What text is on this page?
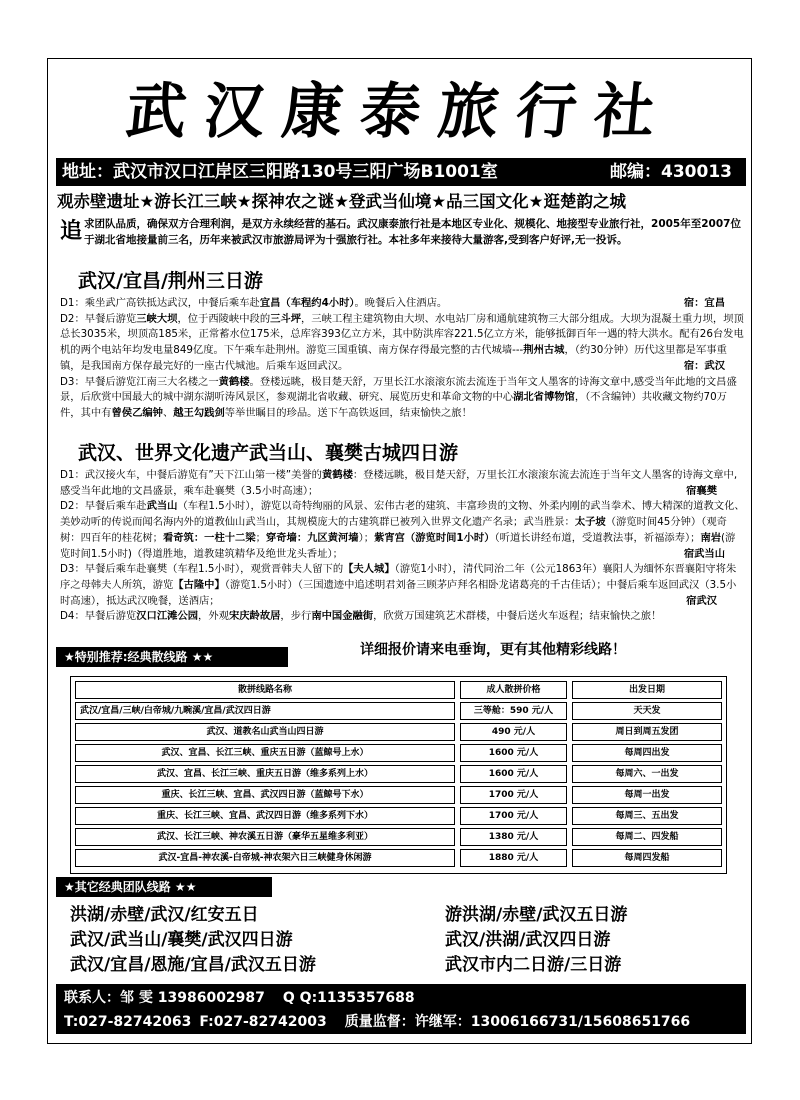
武汉康泰旅行社
地址：武汉市汉口江岸区三阳路130号三阳广场B1001室	邮编：430013
观赤壁遗址★游长江三峡★探神农之谜★登武当仙境★品三国文化★逛楚韵之城
追求团队品质，确保双方合理利润，是双方永续经营的基石。武汉康泰旅行社是本地区专业化、规模化、地接型专业旅行社，2005年至2007位于湖北省地接量前三名，历年来被武汉市旅游局评为十强旅行社。本社多年来接待大量游客,受到客户好评,无一投诉。
武汉/宜昌/荆州三日游
D1：乘坐武广高铁抵达武汉，中餐后乘车赴宜昌（车程约4小时）。晚餐后入住酒店。	宿：宜昌
D2：早餐后游览三峡大坝，位于西陵峡中段的三斗坪，三峡工程主建筑物由大坝、水电站厂房和通航建筑物三大部分组成。大坝为混凝土重力坝，坝顶总长3035米，坝顶高185米，正常蓄水位175米，总库容393亿立方米，其中防洪库容221.5亿立方米，能够抵御百年一遇的特大洪水。配有26台发电机的两个电站年均发电量849亿度。下午乘车赴荆州。游览三国重镇、南方保存得最完整的古代城墙---荆州古城，（约30分钟）历代这里都是军事重镇，是我国南方保存最完好的一座古代城池。后乘车返回武汉。	宿：武汉
D3：早餐后游览江南三大名楼之一黄鹤楼。登楼远眺，极目楚天舒，万里长江水滚滚东流去流连于当年文人墨客的诗海文章中,感受当年此地的文昌盛景，后欣赏中国最大的城中湖东湖听涛风景区，参观湖北省收藏、研究、展览历史和革命文物的中心湖北省博物馆，（不含编钟）共收藏文物约70万件，其中有曾侯乙编钟、越王勾践剑等举世瞩目的珍品。送下午高铁返回，结束愉快之旅！
武汉、世界文化遗产武当山、襄樊古城四日游
D1：武汉接火车，中餐后游览有”天下江山第一楼”美誉的黄鹤楼：登楼远眺，极目楚天舒，万里长江水滚滚东流去流连于当年文人墨客的诗海文章中,感受当年此地的文昌盛景，乘车赴襄樊（3.5小时高速）；	宿襄樊
D2：早餐后乘车赴武当山（车程1.5小时），游览以奇特绚丽的风景、宏伟古老的建筑、丰富珍贵的文物、外柔内刚的武当拳术、博大精深的道教文化、美妙动听的传说而闻名海内外的道教仙山武当山，其规模庞大的古建筑群已被列入世界文化遗产名录；武当胜景：太子坡（游览时间45分钟）（观奇树：四百年的桂花树；看奇筑：一柱十二梁；穿奇墙：九区黄河墙）；紫宵宫（游览时间1小时）（听道长讲经布道，受道教法事，祈福添寿）；南岩(游览时间1.5小时)（得道胜地，道教建筑精华及绝世龙头香址）；	宿武当山
D3：早餐后乘车赴襄樊（车程1.5小时），观赏晋韩夫人留下的【夫人城】（游览1小时），清代同治二年（公元1863年）襄阳人为缅怀东晋襄阳守将朱序之母韩夫人所筑，游览【古隆中】（游览1.5小时）（三国遗迹中追述明君刘备三顾茅庐拜名相卧龙诸葛亮的千古佳话）；中餐后乘车返回武汉（3.5小时高速），抵达武汉晚餐，送酒店；	宿武汉
D4：早餐后游览汉口江滩公园，外观宋庆龄故居，步行南中国金融街，欣赏万国建筑艺术群楼，中餐后送火车返程；结束愉快之旅！
★特别推荐:经典散线路 ★★	详细报价请来电垂询，更有其他精彩线路！
散拼线路名称	成人散拼价格	出发日期
武汉/宜昌/三峡/白帝城/九畹溪/宜昌/武汉四日游	三等舱：590 元/人	天天发
武汉、道教名山武当山四日游	490 元/人	周日到周五发团
武汉、宜昌、长江三峡、重庆五日游（蓝鲸号上水）	1600 元/人	每周四出发
武汉、宜昌、长江三峡、重庆五日游（维多系列上水）	1600 元/人	每周六、一出发
重庆、长江三峡、宜昌、武汉四日游（蓝鲸号下水）	1700 元/人	每周一出发
重庆、长江三峡、宜昌、武汉四日游（维多系列下水）	1700 元/人	每周三、五出发
武汉、长江三峡、神农溪五日游（豪华五星维多利亚）	1380 元/人	每周二、四发船
武汉-宜昌-神农溪-白帝城-神农架六日三峡健身休闲游	1880 元/人	每周四发船
★其它经典团队线路 ★★
洪湖/赤壁/武汉/红安五日
武汉/武当山/襄樊/武汉四日游
武汉/宜昌/恩施/宜昌/武汉五日游
游洪湖/赤壁/武汉五日游
武汉/洪湖/武汉四日游
武汉市内二日游/三日游
联系人：邹 雯 13986002987 Q Q:1135357688
T:027-82742063 F:027-82742003 质量监督：许继军：13006166731/15608651766
